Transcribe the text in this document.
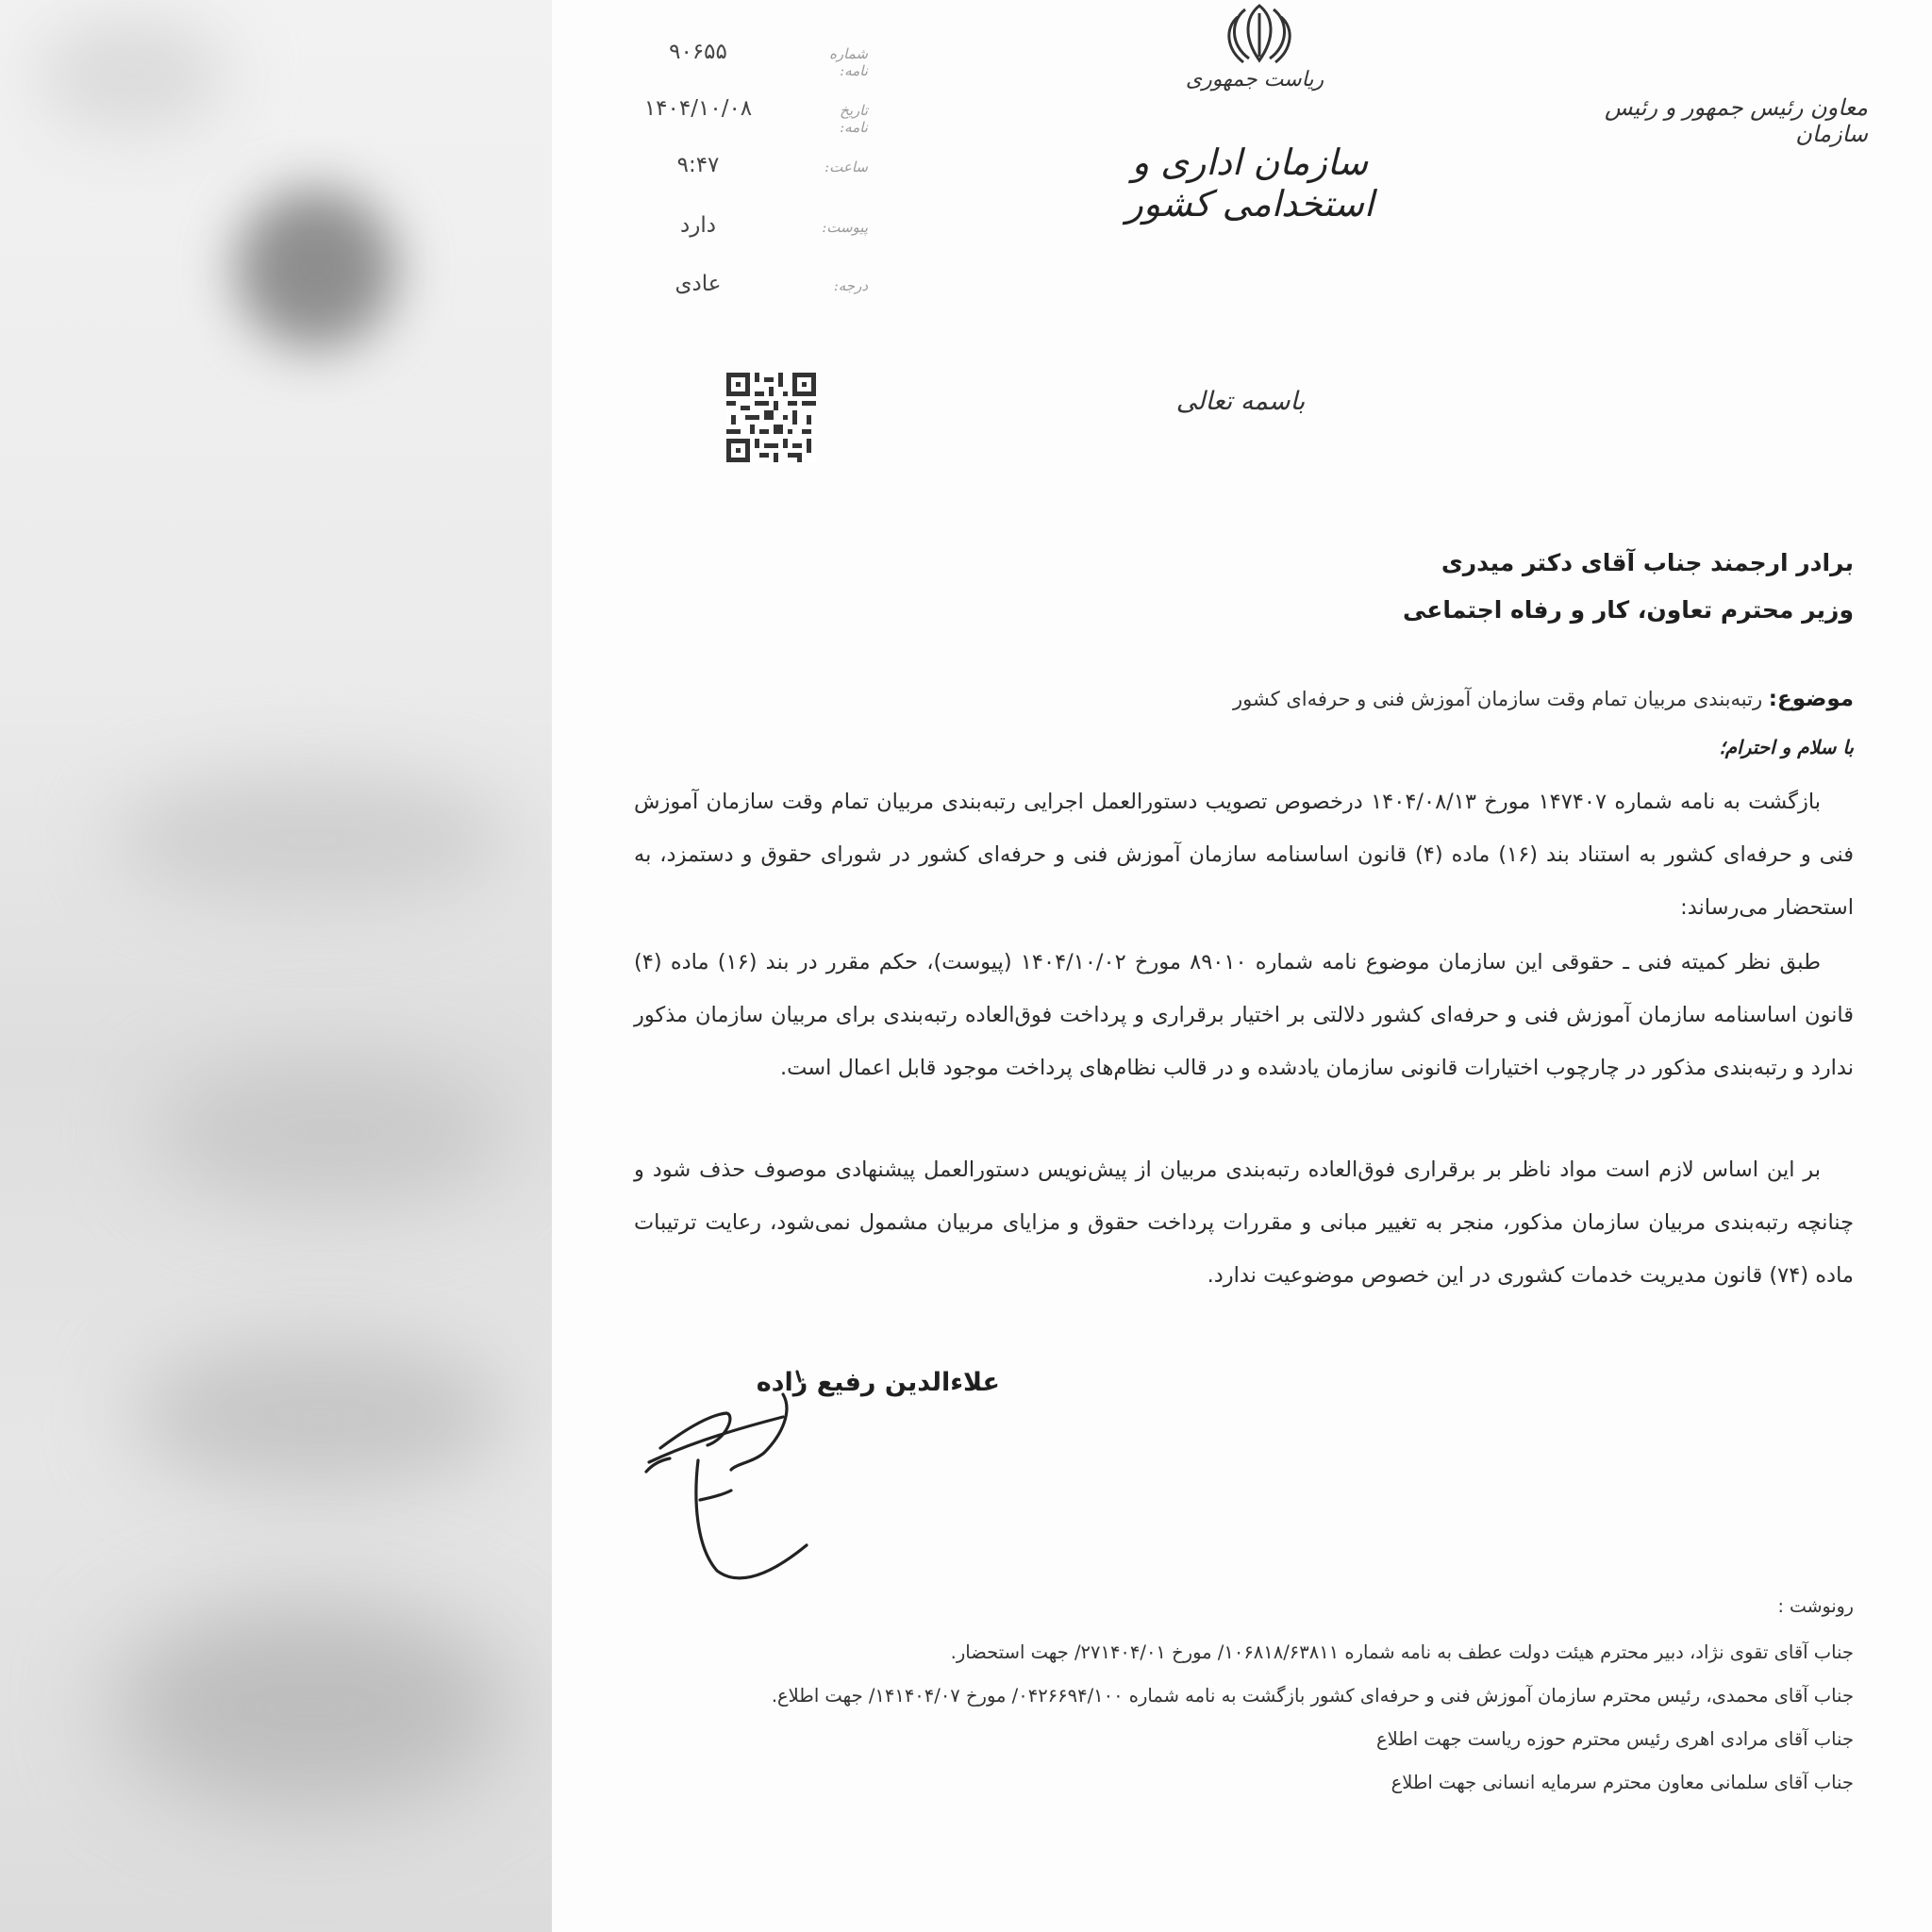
ریاست جمهوری
سازمان اداری و استخدامی کشور
معاون رئیس جمهور و رئیس سازمان
شماره نامه:
۹۰۶۵۵
تاریخ نامه:
۱۴۰۴/۱۰/۰۸
ساعت:
۹:۴۷
پیوست:
دارد
درجه:
عادی
باسمه تعالی
برادر ارجمند جناب آقای دکتر میدری
وزیر محترم تعاون، کار و رفاه اجتماعی
موضوع: رتبه‌بندی مربیان تمام وقت سازمان آموزش فنی و حرفه‌ای کشور
با سلام و احترام؛
بازگشت به نامه شماره ۱۴۷۴۰۷ مورخ ۱۴۰۴/۰۸/۱۳ درخصوص تصویب دستورالعمل اجرایی رتبه‌بندی مربیان تمام وقت سازمان آموزش فنی و حرفه‌ای کشور به استناد بند (۱۶) ماده (۴) قانون اساسنامه سازمان آموزش فنی و حرفه‌ای کشور در شورای حقوق و دستمزد، به استحضار می‌رساند:
طبق نظر کمیته فنی ـ حقوقی این سازمان موضوع نامه شماره ۸۹۰۱۰ مورخ ۱۴۰۴/۱۰/۰۲ (پیوست)، حکم مقرر در بند (۱۶) ماده (۴) قانون اساسنامه سازمان آموزش فنی و حرفه‌ای کشور دلالتی بر اختیار برقراری و پرداخت فوق‌العاده رتبه‌بندی برای مربیان سازمان مذکور ندارد و رتبه‌بندی مذکور در چارچوب اختیارات قانونی سازمان یادشده و در قالب نظام‌های پرداخت موجود قابل اعمال است.
بر این اساس لازم است مواد ناظر بر برقراری فوق‌العاده رتبه‌بندی مربیان از پیش‌نویس دستورالعمل پیشنهادی موصوف حذف شود و چنانچه رتبه‌بندی مربیان سازمان مذکور، منجر به تغییر مبانی و مقررات پرداخت حقوق و مزایای مربیان مشمول نمی‌شود، رعایت ترتیبات ماده (۷۴) قانون مدیریت خدمات کشوری در این خصوص موضوعیت ندارد.
علاءالدین رفیع زاده
رونوشت :
جناب آقای تقوی نژاد، دبیر محترم هیئت دولت عطف به نامه شماره ۱۰۶۸۱۸/۶۳۸۱۱/ مورخ ۲۷۱۴۰۴/۰۱/ جهت استحضار.
جناب آقای محمدی، رئیس محترم سازمان آموزش فنی و حرفه‌ای کشور بازگشت به نامه شماره ۰۴۲۶۶۹۴/۱۰۰/ مورخ ۱۴۱۴۰۴/۰۷/ جهت اطلاع.
جناب آقای مرادی اهری رئیس محترم حوزه ریاست جهت اطلاع
جناب آقای سلمانی معاون محترم سرمایه انسانی جهت اطلاع
